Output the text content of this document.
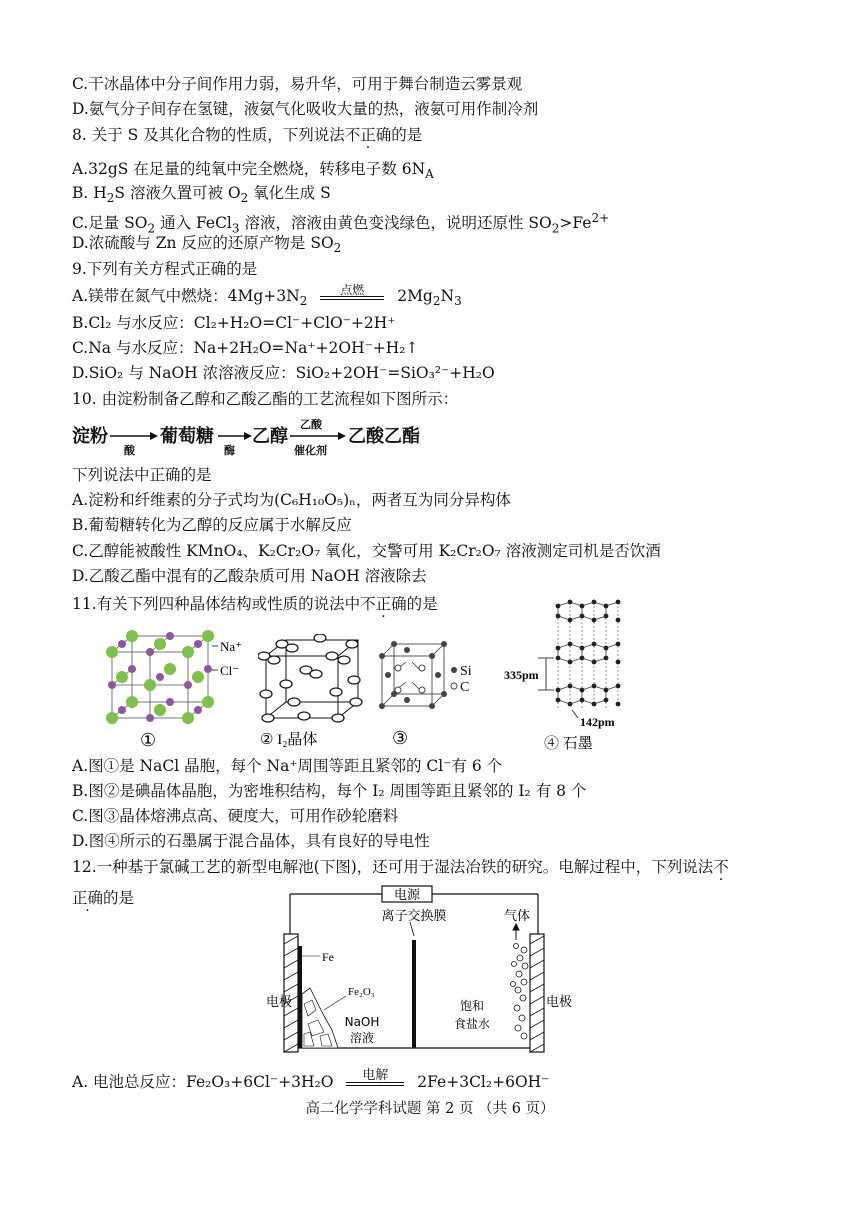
C.干冰晶体中分子间作用力弱，易升华，可用于舞台制造云雾景观
D.氨气分子间存在氢键，液氨气化吸收大量的热，液氨可用作制冷剂
8. 关于 S 及其化合物的性质，下列说法不正确的是
A.32gS 在足量的纯氧中完全燃烧，转移电子数 $6N_A$
B. $H_2S$ 溶液久置可被 $O_2$ 氧化生成 S
C.足量 $SO_2$ 通入 FeCl$_3$ 溶液，溶液由黄色变浅绿色，说明还原性 $SO_2>Fe^{2+}$
D.浓硫酸与 Zn 反应的还原产物是 $SO_2$
9.下列有关方程式正确的是
A.镁带在氮气中燃烧：$4Mg+3N_2$
点燃	$2Mg_2N_3$
B.Cl₂ 与水反应：Cl₂+H₂O=Cl⁻+ClO⁻+2H⁺
C.Na 与水反应：Na+2H₂O=Na⁺+2OH⁻+H₂↑
D.SiO₂ 与 NaOH 浓溶液反应：SiO₂+2OH⁻=SiO₃²⁻+H₂O
10. 由淀粉制备乙醇和乙酸乙酯的工艺流程如下图所示：
淀粉
酸
葡萄糖
酶
乙醇
乙酸
催化剂
乙酸乙酯
下列说法中正确的是
A.淀粉和纤维素的分子式均为(C₆H₁₀O₅)ₙ，两者互为同分异构体
B.葡萄糖转化为乙醇的反应属于水解反应
C.乙醇能被酸性 KMnO₄、K₂Cr₂O₇ 氧化，交警可用 K₂Cr₂O₇ 溶液测定司机是否饮酒
D.乙酸乙酯中混有的乙酸杂质可用 NaOH 溶液除去
11.有关下列四种晶体结构或性质的说法中不正确的是
Na⁺
Cl⁻
①	② I₂晶体
Si
C
③
335pm
142pm
④ 石墨
A.图①是 NaCl 晶胞，每个 Na⁺周围等距且紧邻的 Cl⁻有 6 个
B.图②是碘晶体晶胞，为密堆积结构，每个 I₂ 周围等距且紧邻的 I₂ 有 8 个
C.图③晶体熔沸点高、硬度大，可用作砂轮磨料
D.图④所示的石墨属于混合晶体，具有良好的导电性
12.一种基于氯碱工艺的新型电解池(下图)，还可用于湿法冶铁的研究。电解过程中，下列说法不
正确的是	电源
离子交换膜	气体
Fe
Fe₂O₃
电极
NaOH
溶液
饱和
食盐水
电极
A. 电池总反应：Fe₂O₃+6Cl⁻+3H₂O	电解	2Fe+3Cl₂+6OH⁻
高二化学学科试题 第 2 页 （共 6 页）
